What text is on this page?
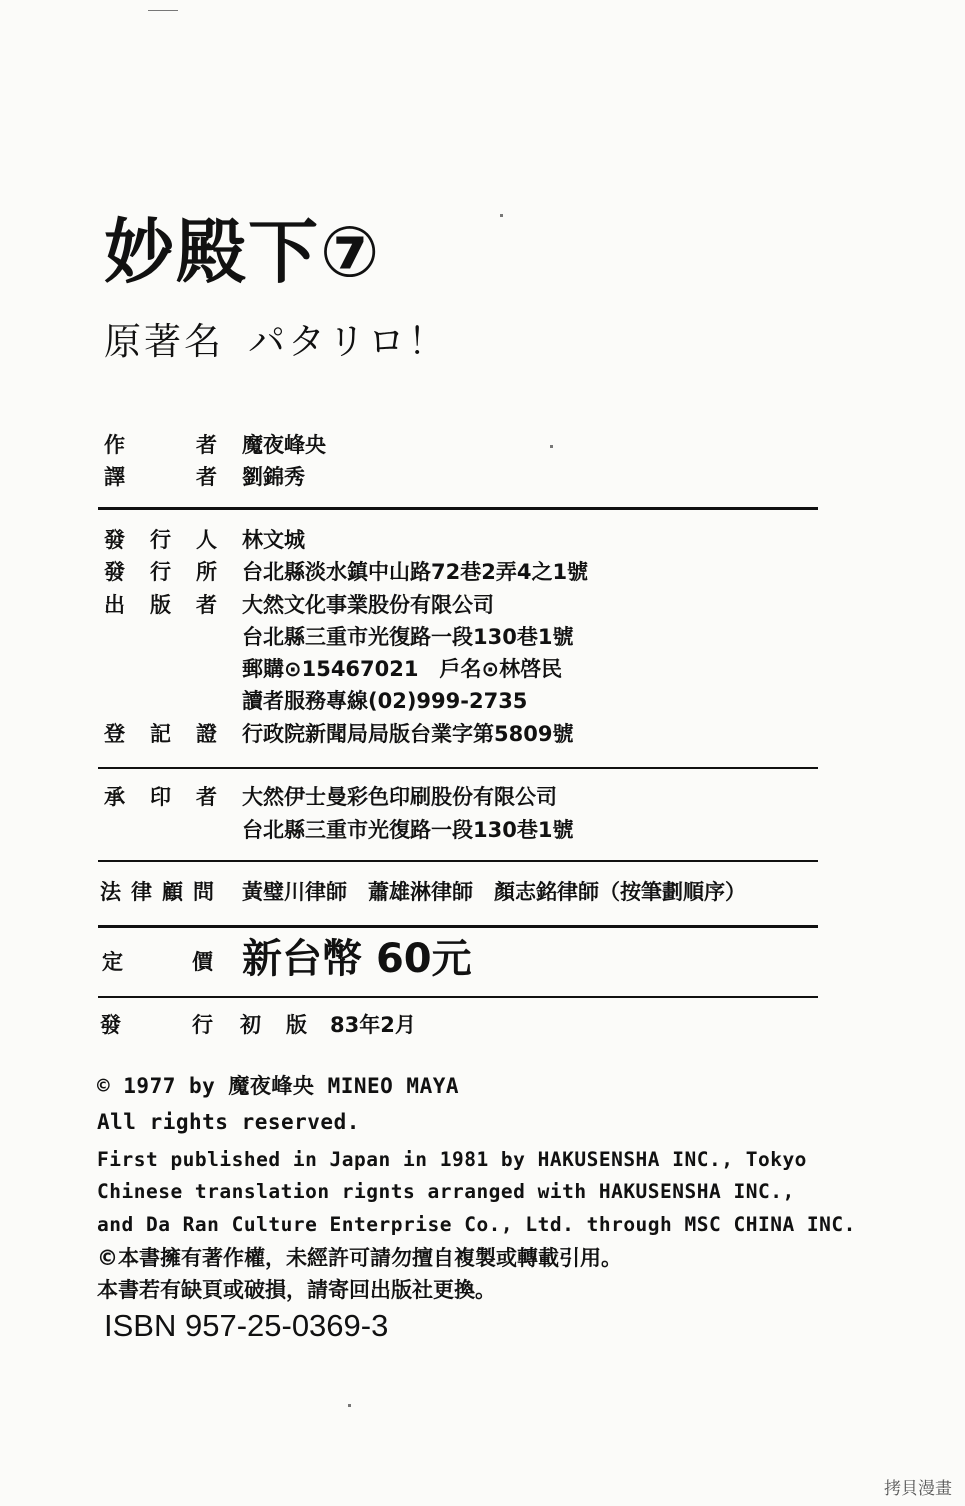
妙殿下⑦
原著名 パタリロ！
作	者 魔夜峰央
譯	者 劉錦秀
發 行 人 林文城
發 行 所 台北縣淡水鎮中山路72巷2弄4之1號
出 版 者 大然文化事業股份有限公司
台北縣三重市光復路一段130巷1號
郵購⊙15467021　戶名⊙林啓民
讀者服務專線(02)999-2735
登 記 證 行政院新聞局局版台業字第5809號
承 印 者 大然伊士曼彩色印刷股份有限公司
台北縣三重市光復路一段130巷1號
法律顧問 黃璧川律師　蕭雄淋律師　顏志銘律師（按筆劃順序）
定	價 新台幣 60元
發	行 初 版 83年2月
© 1977 by 魔夜峰央 MINEO MAYA
All rights reserved.
First published in Japan in 1981 by HAKUSENSHA INC., Tokyo
Chinese translation rignts arranged with HAKUSENSHA INC.,
and Da Ran Culture Enterprise Co., Ltd. through MSC CHINA INC.
©本書擁有著作權，未經許可請勿擅自複製或轉載引用。
本書若有缺頁或破損，請寄回出版社更換。
ISBN 957-25-0369-3
拷貝漫畫
